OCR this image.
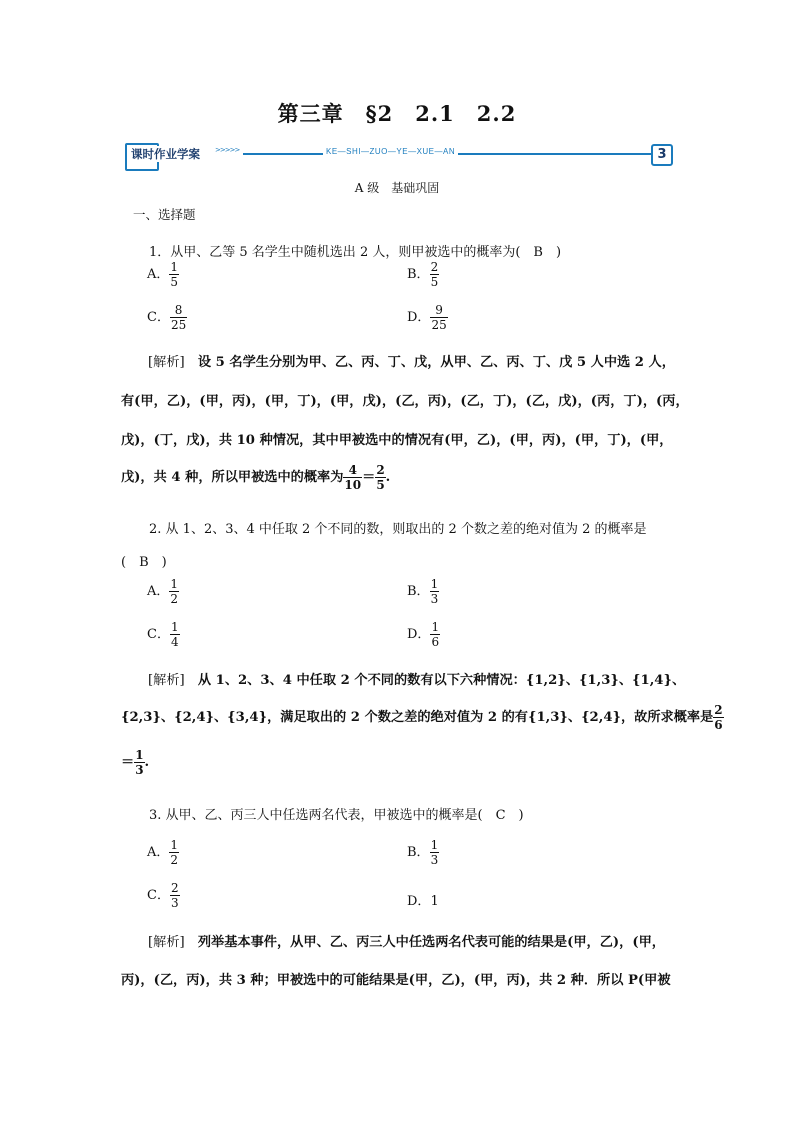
第三章　§2　2.1　2.2
课时作业学案 >>>>>	KE—SHI—ZUO—YE—XUE—AN	3
A 级　基础巩固
一、选择题
1．从甲、乙等 5 名学生中随机选出 2 人，则甲被选中的概率为(　B　)
A． $\frac{1}{5}$	B． $\frac{2}{5}$
C． $\frac{8}{25}$	D． $\frac{9}{25}$
[解析]　 设 5 名学生分别为甲、乙、丙、丁、戊，从甲、乙、丙、丁、戊 5 人中选 2 人，
有(甲，乙)，(甲，丙)，(甲，丁)，(甲，戊)，(乙，丙)，(乙，丁)，(乙，戊)，(丙，丁)，(丙，
戊)，(丁，戊)，共 10 种情况，其中甲被选中的情况有(甲，乙)，(甲，丙)，(甲，丁)，(甲，
戊)，共 4 种，所以甲被选中的概率为 $\frac{4}{10} = \frac{2}{5}$ .
2. 从 1、2、3、4 中任取 2 个不同的数，则取出的 2 个数之差的绝对值为 2 的概率是
(　B　)
A． $\frac{1}{2}$	B． $\frac{1}{3}$
C． $\frac{1}{4}$	D． $\frac{1}{6}$
[解析]　 从 1、2、3、4 中任取 2 个不同的数有以下六种情况：{1,2}、{1,3}、{1,4}、
{2,3}、{2,4}、{3,4}，满足取出的 2 个数之差的绝对值为 2 的有{1,3}、{2,4}，故所求概率是 $\frac{2}{6}$
＝ $\frac{1}{3}$ .
3. 从甲、乙、丙三人中任选两名代表，甲被选中的概率是(　C　)
A． $\frac{1}{2}$	B． $\frac{1}{3}$
C． $\frac{2}{3}$	D．1
[解析]　 列举基本事件，从甲、乙、丙三人中任选两名代表可能的结果是(甲，乙)，(甲，
丙)，(乙，丙)，共 3 种；甲被选中的可能结果是(甲，乙)，(甲，丙)，共 2 种．所以 P(甲被
